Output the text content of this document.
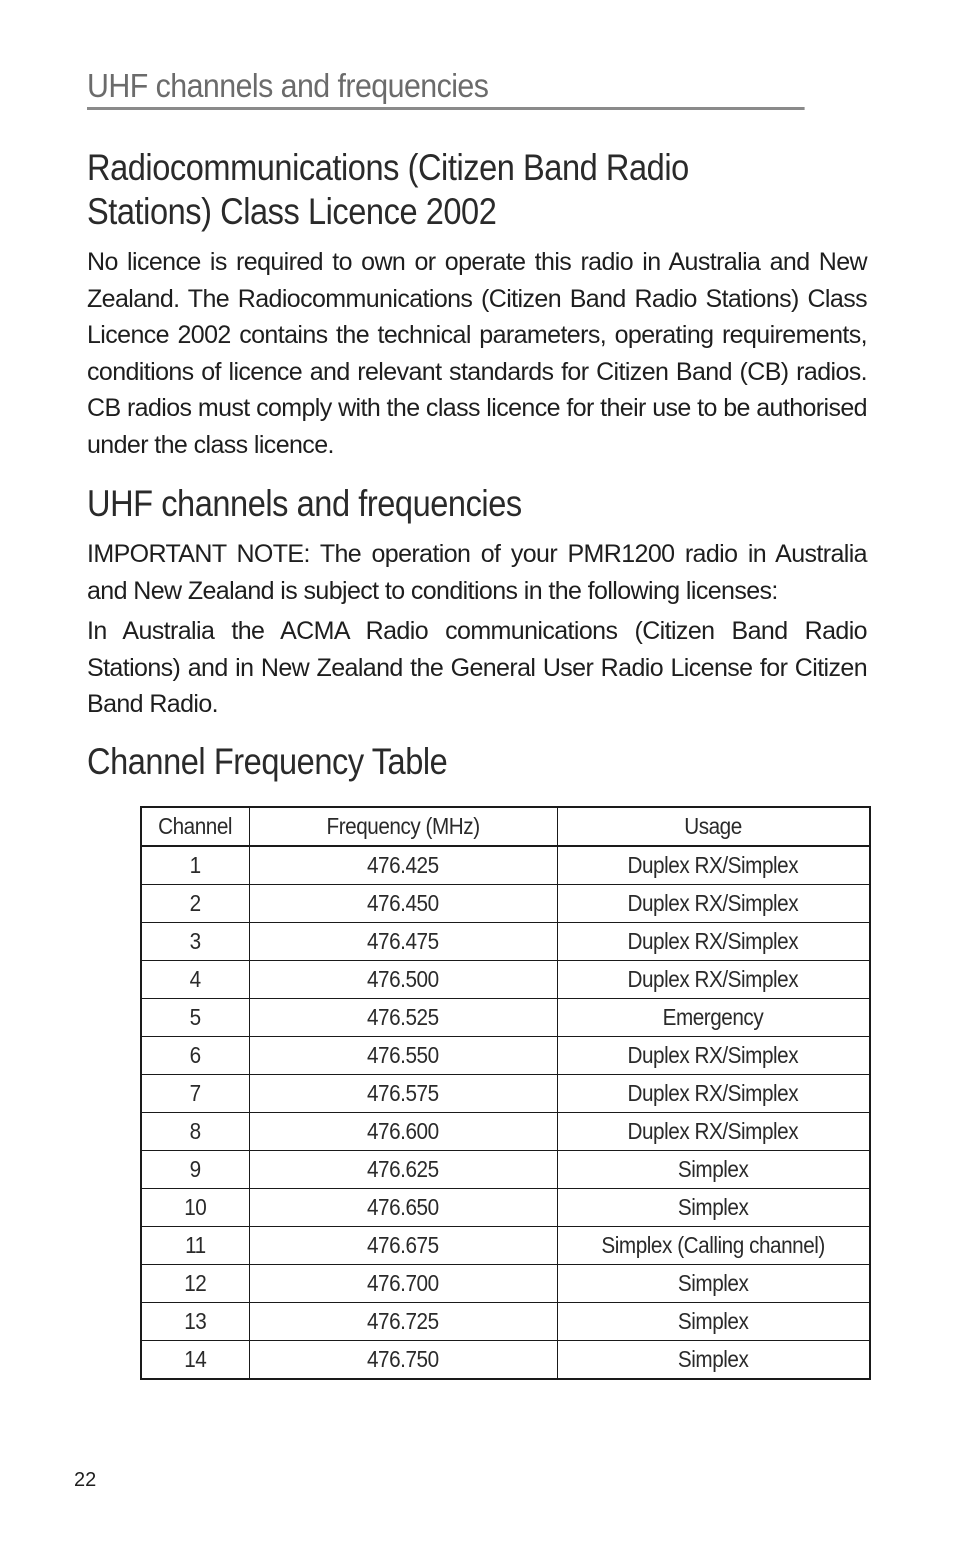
UHF channels and frequencies
Radiocommunications (Citizen Band Radio
Stations) Class Licence 2002

No licence is required to own or operate this radio in Australia and New Zealand. The Radiocommunications (Citizen Band Radio Stations) Class Licence 2002 contains the technical parameters, operating requirements, conditions of licence and relevant standards for Citizen Band (CB) radios. CB radios must comply with the class licence for their use to be authorised under the class licence.

UHF channels and frequencies

IMPORTANT NOTE: The operation of your PMR1200 radio in Australia and New Zealand is subject to conditions in the following licenses:

In Australia the ACMA Radio communications (Citizen Band Radio Stations) and in New Zealand the General User Radio License for Citizen Band Radio.

Channel Frequency Table
Channel	Frequency (MHz)	Usage
1	476.425	Duplex RX/Simplex
2	476.450	Duplex RX/Simplex
3	476.475	Duplex RX/Simplex
4	476.500	Duplex RX/Simplex
5	476.525	Emergency
6	476.550	Duplex RX/Simplex
7	476.575	Duplex RX/Simplex
8	476.600	Duplex RX/Simplex
9	476.625	Simplex
10	476.650	Simplex
11	476.675	Simplex (Calling channel)
12	476.700	Simplex
13	476.725	Simplex
14	476.750	Simplex
22
